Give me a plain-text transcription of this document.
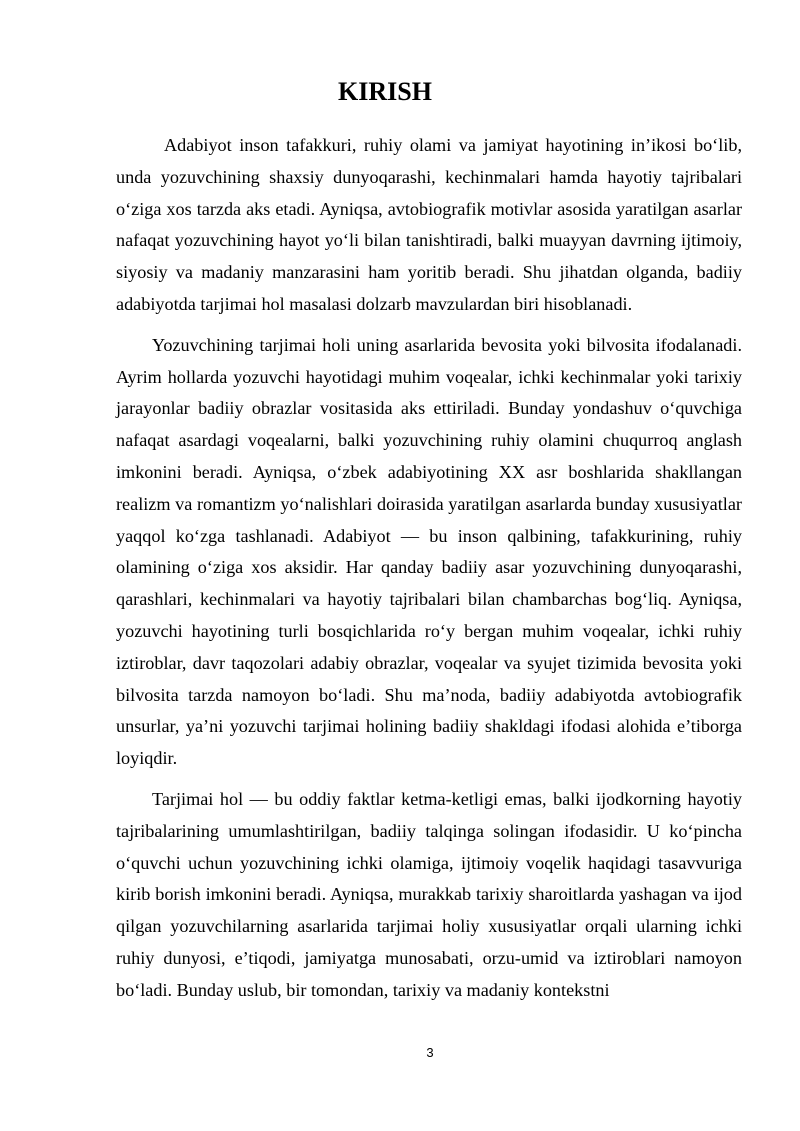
KIRISH

Adabiyot inson tafakkuri, ruhiy olami va jamiyat hayotining in’ikosi bo‘lib, unda yozuvchining shaxsiy dunyoqarashi, kechinmalari hamda hayotiy tajribalari o‘ziga xos tarzda aks etadi. Ayniqsa, avtobiografik motivlar asosida yaratilgan asarlar nafaqat yozuvchining hayot yo‘li bilan tanishtiradi, balki muayyan davrning ijtimoiy, siyosiy va madaniy manzarasini ham yoritib beradi. Shu jihatdan olganda, badiiy adabiyotda tarjimai hol masalasi dolzarb mavzulardan biri hisoblanadi.

Yozuvchining tarjimai holi uning asarlarida bevosita yoki bilvosita ifodalanadi. Ayrim hollarda yozuvchi hayotidagi muhim voqealar, ichki kechinmalar yoki tarixiy jarayonlar badiiy obrazlar vositasida aks ettiriladi. Bunday yondashuv o‘quvchiga nafaqat asardagi voqealarni, balki yozuvchining ruhiy olamini chuqurroq anglash imkonini beradi. Ayniqsa, o‘zbek adabiyotining XX asr boshlarida shakllangan realizm va romantizm yo‘nalishlari doirasida yaratilgan asarlarda bunday xususiyatlar yaqqol ko‘zga tashlanadi. Adabiyot — bu inson qalbining, tafakkurining, ruhiy olamining o‘ziga xos aksidir. Har qanday badiiy asar yozuvchining dunyoqarashi, qarashlari, kechinmalari va hayotiy tajribalari bilan chambarchas bog‘liq. Ayniqsa, yozuvchi hayotining turli bosqichlarida ro‘y bergan muhim voqealar, ichki ruhiy iztiroblar, davr taqozolari adabiy obrazlar, voqealar va syujet tizimida bevosita yoki bilvosita tarzda namoyon bo‘ladi. Shu ma’noda, badiiy adabiyotda avtobiografik unsurlar, ya’ni yozuvchi tarjimai holining badiiy shakldagi ifodasi alohida e’tiborga loyiqdir.

Tarjimai hol — bu oddiy faktlar ketma-ketligi emas, balki ijodkorning hayotiy tajribalarining umumlashtirilgan, badiiy talqinga solingan ifodasidir. U ko‘pincha o‘quvchi uchun yozuvchining ichki olamiga, ijtimoiy voqelik haqidagi tasavvuriga kirib borish imkonini beradi. Ayniqsa, murakkab tarixiy sharoitlarda yashagan va ijod qilgan yozuvchilarning asarlarida tarjimai holiy xususiyatlar orqali ularning ichki ruhiy dunyosi, e’tiqodi, jamiyatga munosabati, orzu-umid va iztiroblari namoyon bo‘ladi. Bunday uslub, bir tomondan, tarixiy va madaniy kontekstni

3
